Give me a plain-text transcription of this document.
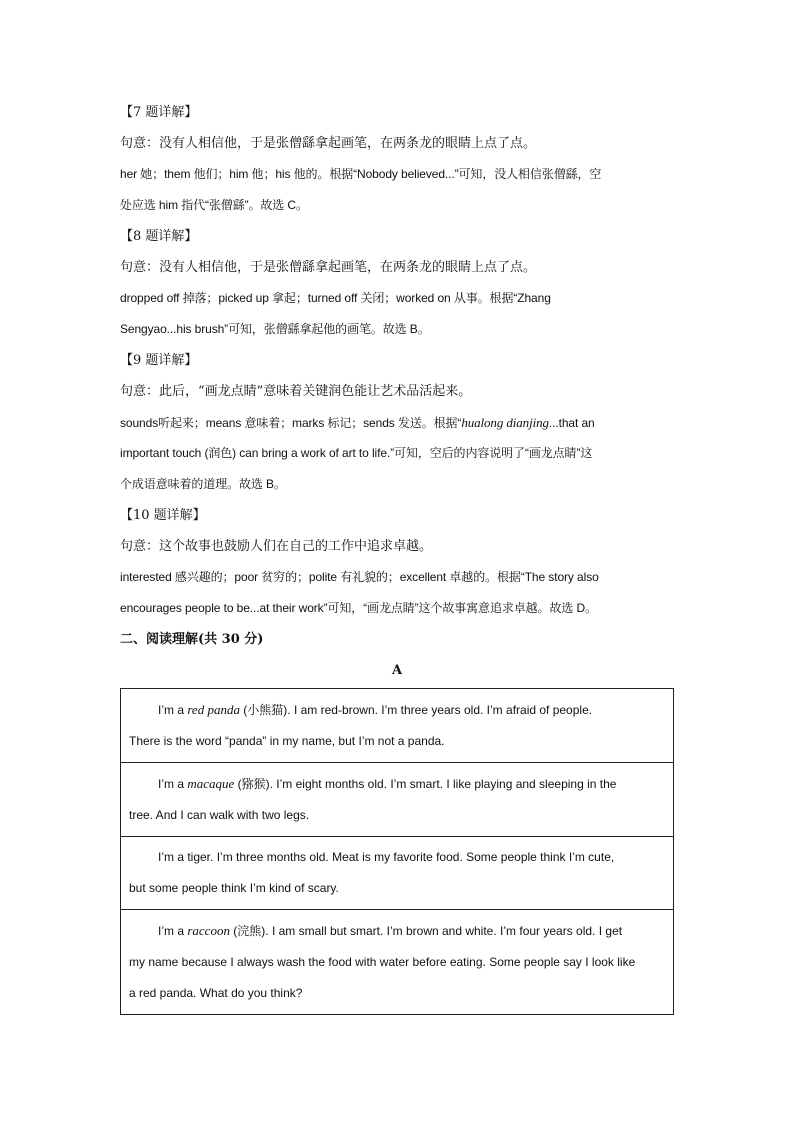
【7 题详解】
句意：没有人相信他，于是张僧繇拿起画笔，在两条龙的眼睛上点了点。
her 她；them 他们；him 他；his 他的。根据“Nobody believed...”可知，没人相信张僧繇，空
处应选 him 指代“张僧繇”。故选 C。
【8 题详解】
句意：没有人相信他，于是张僧繇拿起画笔，在两条龙的眼睛上点了点。
dropped off 掉落；picked up 拿起；turned off 关闭；worked on 从事。根据“Zhang
Sengyao...his brush”可知，张僧繇拿起他的画笔。故选 B。
【9 题详解】
句意：此后，“画龙点睛”意味着关键润色能让艺术品活起来。
sounds听起来；means 意味着；marks 标记；sends 发送。根据“hualong dianjing...that an
important touch (润色) can bring a work of art to life.”可知，空后的内容说明了“画龙点睛”这
个成语意味着的道理。故选 B。
【10 题详解】
句意：这个故事也鼓励人们在自己的工作中追求卓越。
interested 感兴趣的；poor 贫穷的；polite 有礼貌的；excellent 卓越的。根据“The story also
encourages people to be...at their work”可知，“画龙点睛”这个故事寓意追求卓越。故选 D。
二、阅读理解(共 30 分)
A
I’m a red panda (小熊猫). I am red-brown. I’m three years old. I’m afraid of people.
There is the word “panda” in my name, but I’m not a panda.
I’m a macaque (猕猴). I’m eight months old. I’m smart. I like playing and sleeping in the
tree. And I can walk with two legs.
I’m a tiger. I’m three months old. Meat is my favorite food. Some people think I’m cute,
but some people think I’m kind of scary.
I’m a raccoon (浣熊). I am small but smart. I’m brown and white. I’m four years old. I get
my name because I always wash the food with water before eating. Some people say I look like
a red panda. What do you think?
